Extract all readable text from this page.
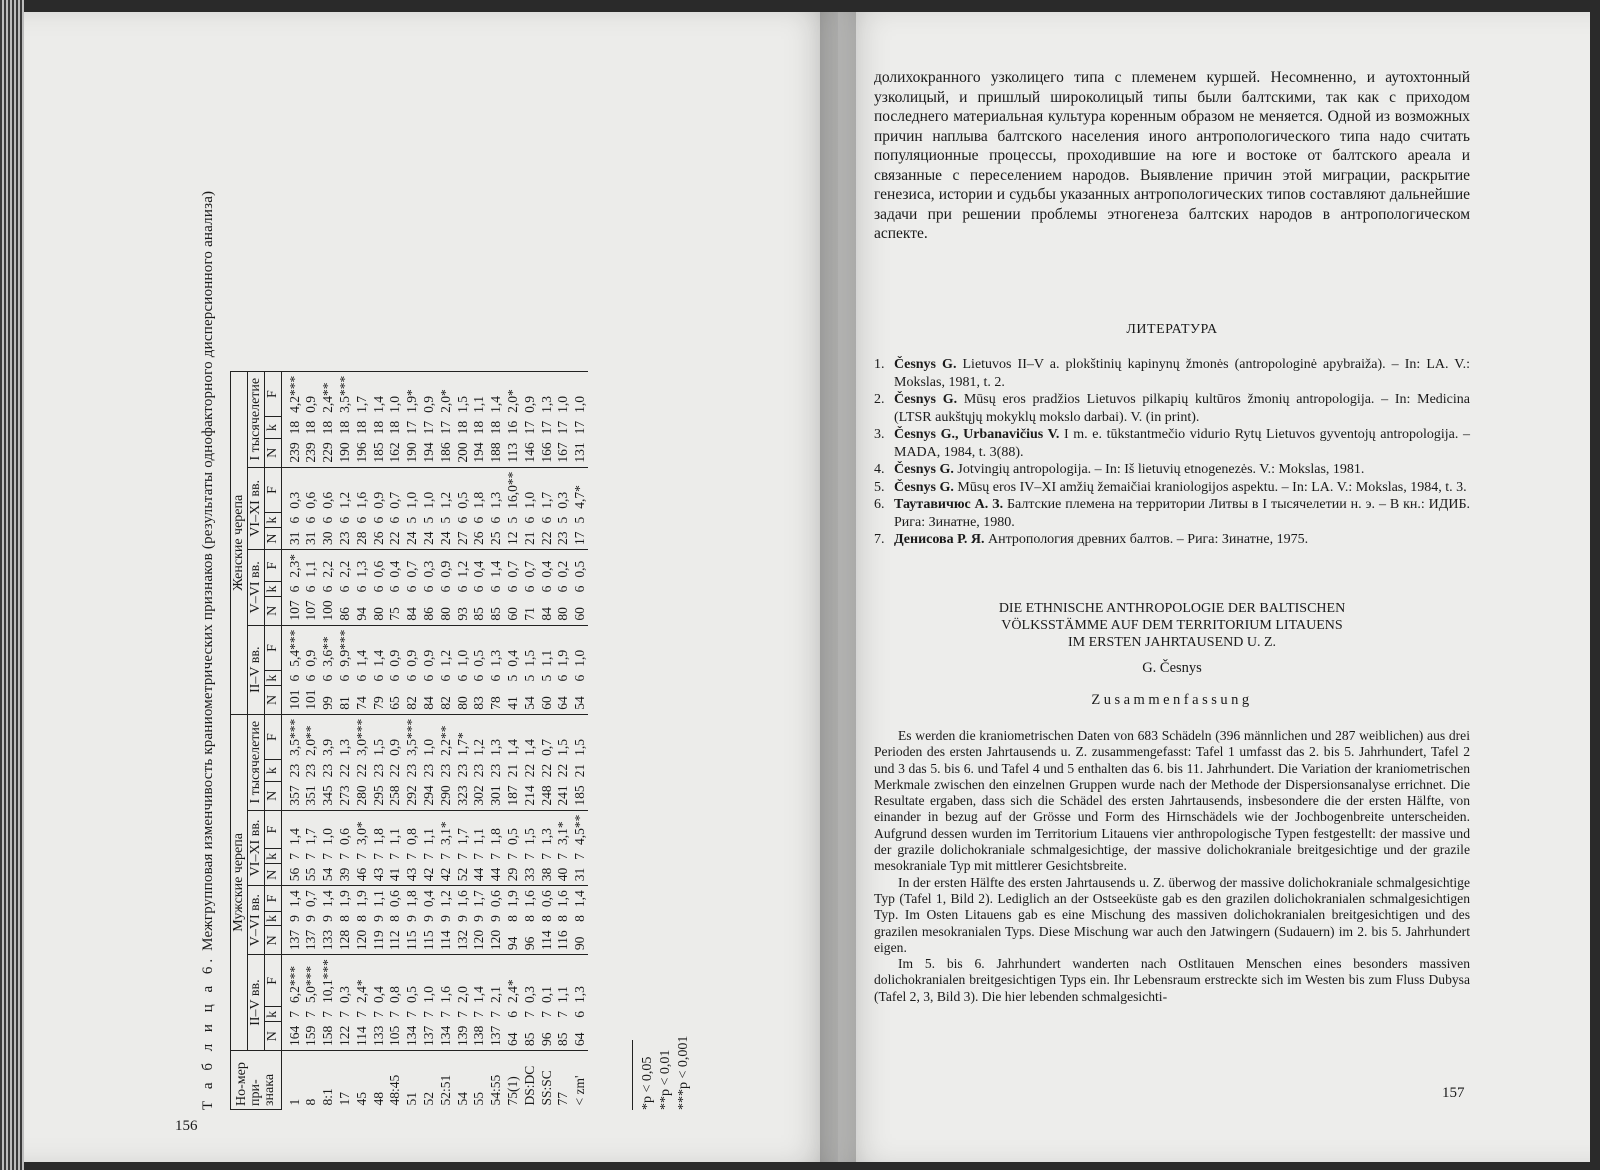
Т а б л и ц а 6. Межгрупповая изменчивость краниометрических признаков (результаты однофакторного дисперсионного анализа)
Но-мер при-знака	Мужские черепа												Женские черепа											
	II–V вв.			V–VI вв.			VI–XI вв.			I тысячелетие			II–V вв.			V–VI вв.			VI–XI вв.			I тысячелетие		
	N	k	F	N	k	F	N	k	F	N	k	F	N	k	F	N	k	F	N	k	F	N	k	F
1	164	7	6,2***	137	9	1,4	56	7	1,4	357	23	3,5***	101	6	5,4***	107	6	2,3*	31	6	0,3	239	18	4,2***
8	159	7	5,0***	137	9	0,7	55	7	1,7	351	23	2,0**	101	6	0,9	107	6	1,1	31	6	0,6	239	18	0,9
8:1	158	7	10,1***	133	9	1,4	54	7	1,0	345	23	3,9	99	6	3,6**	100	6	2,2	30	6	0,6	229	18	2,4**
17	122	7	0,3	128	8	1,9	39	7	0,6	273	22	1,3	81	6	9,9***	86	6	2,2	23	6	1,2	190	18	3,5***
45	114	7	2,4*	120	8	1,9	46	7	3,0*	280	22	3,0***	74	6	1,4	94	6	1,3	28	6	1,6	196	18	1,7
48	133	7	0,4	119	9	1,1	43	7	1,8	295	23	1,5	79	6	1,4	80	6	0,6	26	6	0,9	185	18	1,4
48:45	105	7	0,8	112	8	0,6	41	7	1,1	258	22	0,9	65	6	0,9	75	6	0,4	22	6	0,7	162	18	1,0
51	134	7	0,5	115	9	1,8	43	7	0,8	292	23	3,5***	82	6	0,9	84	6	0,7	24	5	1,0	190	17	1,9*
52	137	7	1,0	115	9	0,4	42	7	1,1	294	23	1,0	84	6	0,9	86	6	0,3	24	5	1,0	194	17	0,9
52:51	134	7	1,6	114	9	1,2	42	7	3,1*	290	23	2,2**	82	6	1,2	80	6	0,9	24	5	1,2	186	17	2,0*
54	139	7	2,0	132	9	1,6	52	7	1,7	323	23	1,7*	80	6	1,0	93	6	1,2	27	6	0,5	200	18	1,5
55	138	7	1,4	120	9	1,7	44	7	1,1	302	23	1,2	83	6	0,5	85	6	0,4	26	6	1,8	194	18	1,1
54:55	137	7	2,1	120	9	0,6	44	7	1,8	301	23	1,3	78	6	1,3	85	6	1,4	25	6	1,3	188	18	1,4
75(1)	64	6	2,4*	94	8	1,9	29	7	0,5	187	21	1,4	41	5	0,4	60	6	0,7	12	5	16,0**	113	16	2,0*
DS:DC	85	7	0,3	96	8	1,6	33	7	1,5	214	22	1,4	54	5	1,5	71	6	0,7	21	6	1,0	146	17	0,9
SS:SC	96	7	0,1	114	8	0,6	38	7	1,3	248	22	0,7	60	5	1,1	84	6	0,4	22	6	1,7	166	17	1,3
77	85	7	1,1	116	8	1,6	40	7	3,1*	241	22	1,5	64	6	1,9	80	6	0,2	23	5	0,3	167	17	1,0
< zm'	64	6	1,3	90	8	1,4	31	7	4,5**	185	21	1,5	54	6	1,0	60	6	0,5	17	5	4,7*	131	17	1,0
*p < 0,05 **p < 0,01 ***p < 0,001
156

долихокранного узколицего типа с племенем куршей. Несомненно, и аутохтонный узколицый, и пришлый широколицый типы были балтскими, так как с приходом последнего материальная культура коренным образом не меняется. Одной из возможных причин наплыва балтского населения иного антропологического типа надо считать популяционные процессы, проходившие на юге и востоке от балтского ареала и связанные с переселением народов. Выявление причин этой миграции, раскрытие генезиса, истории и судьбы указанных антропологических типов составляют дальнейшие задачи при решении проблемы этногенеза балтских народов в антропологическом аспекте.

ЛИТЕРАТУРА
1. Česnys G. Lietuvos II–V a. plokštinių kapinynų žmonės (antropologinė apybraiža). – In: LA. V.: Mokslas, 1981, t. 2.
2. Česnys G. Mūsų eros pradžios Lietuvos pilkapių kultūros žmonių antropologija. – In: Medicina (LTSR aukštųjų mokyklų mokslo darbai). V. (in print).
3. Česnys G., Urbanavičius V. I m. e. tūkstantmečio vidurio Rytų Lietuvos gyventojų antropologija. – MADA, 1984, t. 3(88).
4. Česnys G. Jotvingių antropologija. – In: Iš lietuvių etnogenezės. V.: Mokslas, 1981.
5. Česnys G. Mūsų eros IV–XI amžių žemaičiai kraniologijos aspektu. – In: LA. V.: Mokslas, 1984, t. 3.
6. Таутавичюс А. З. Балтские племена на территории Литвы в I тысячелетии н. э. – В кн.: ИДИБ. Рига: Зинатне, 1980.
7. Денисова Р. Я. Антропология древних балтов. – Рига: Зинатне, 1975.
DIE ETHNISCHE ANTHROPOLOGIE DER BALTISCHEN
VÖLKSSTÄMME AUF DEM TERRITORIUM LITAUENS
IM ERSTEN JAHRTAUSEND U. Z.
G. Česnys
Zusammenfassung

Es werden die kraniometrischen Daten von 683 Schädeln (396 männlichen und 287 weiblichen) aus drei Perioden des ersten Jahrtausends u. Z. zusammengefasst: Tafel 1 umfasst das 2. bis 5. Jahrhundert, Tafel 2 und 3 das 5. bis 6. und Tafel 4 und 5 enthalten das 6. bis 11. Jahrhundert. Die Variation der kraniometrischen Merkmale zwischen den einzelnen Gruppen wurde nach der Methode der Dispersionsanalyse errichnet. Die Resultate ergaben, dass sich die Schädel des ersten Jahrtausends, insbesondere die der ersten Hälfte, von einander in bezug auf der Grösse und Form des Hirnschädels wie der Jochbogenbreite unterscheiden. Aufgrund dessen wurden im Territorium Litauens vier anthropologische Typen festgestellt: der massive und der grazile dolichokraniale schmalgesichtige, der massive dolichokraniale breitgesichtige und der grazile mesokraniale Typ mit mittlerer Gesichtsbreite.

In der ersten Hälfte des ersten Jahrtausends u. Z. überwog der massive dolichokraniale schmalgesichtige Typ (Tafel 1, Bild 2). Lediglich an der Ostseeküste gab es den grazilen dolichokranialen schmalgesichtigen Typ. Im Osten Litauens gab es eine Mischung des massiven dolichokranialen breitgesichtigen und des grazilen mesokranialen Typs. Diese Mischung war auch den Jatwingern (Sudauern) im 2. bis 5. Jahrhundert eigen.

Im 5. bis 6. Jahrhundert wanderten nach Ostlitauen Menschen eines besonders massiven dolichokranialen breitgesichtigen Typs ein. Ihr Lebensraum erstreckte sich im Westen bis zum Fluss Dubysa (Tafel 2, 3, Bild 3). Die hier lebenden schmalgesichti-

157
